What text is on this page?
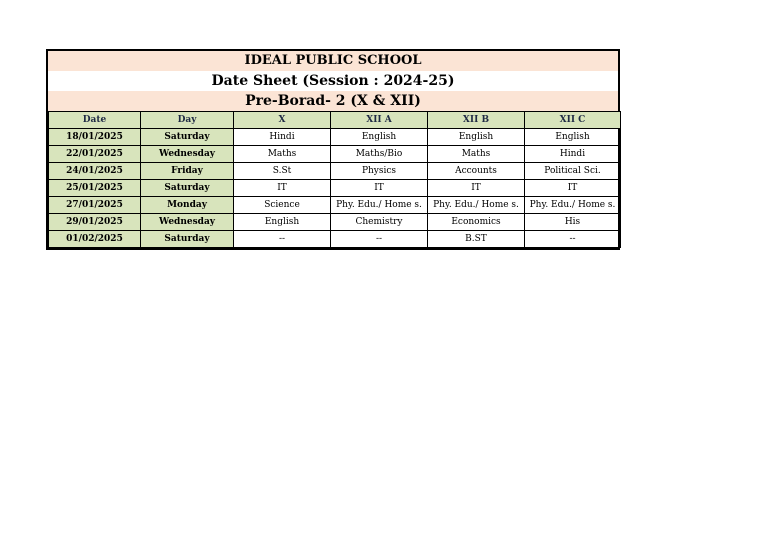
IDEAL PUBLIC SCHOOL
Date Sheet (Session : 2024-25)
Pre-Borad- 2 (X & XII)
Date	Day	X	XII A	XII B	XII C
18/01/2025	Saturday	Hindi	English	English	English
22/01/2025	Wednesday	Maths	Maths/Bio	Maths	Hindi
24/01/2025	Friday	S.St	Physics	Accounts	Political Sci.
25/01/2025	Saturday	IT	IT	IT	IT
27/01/2025	Monday	Science	Phy. Edu./ Home s.	Phy. Edu./ Home s.	Phy. Edu./ Home s.
29/01/2025	Wednesday	English	Chemistry	Economics	His
01/02/2025	Saturday	--	--	B.ST	--
